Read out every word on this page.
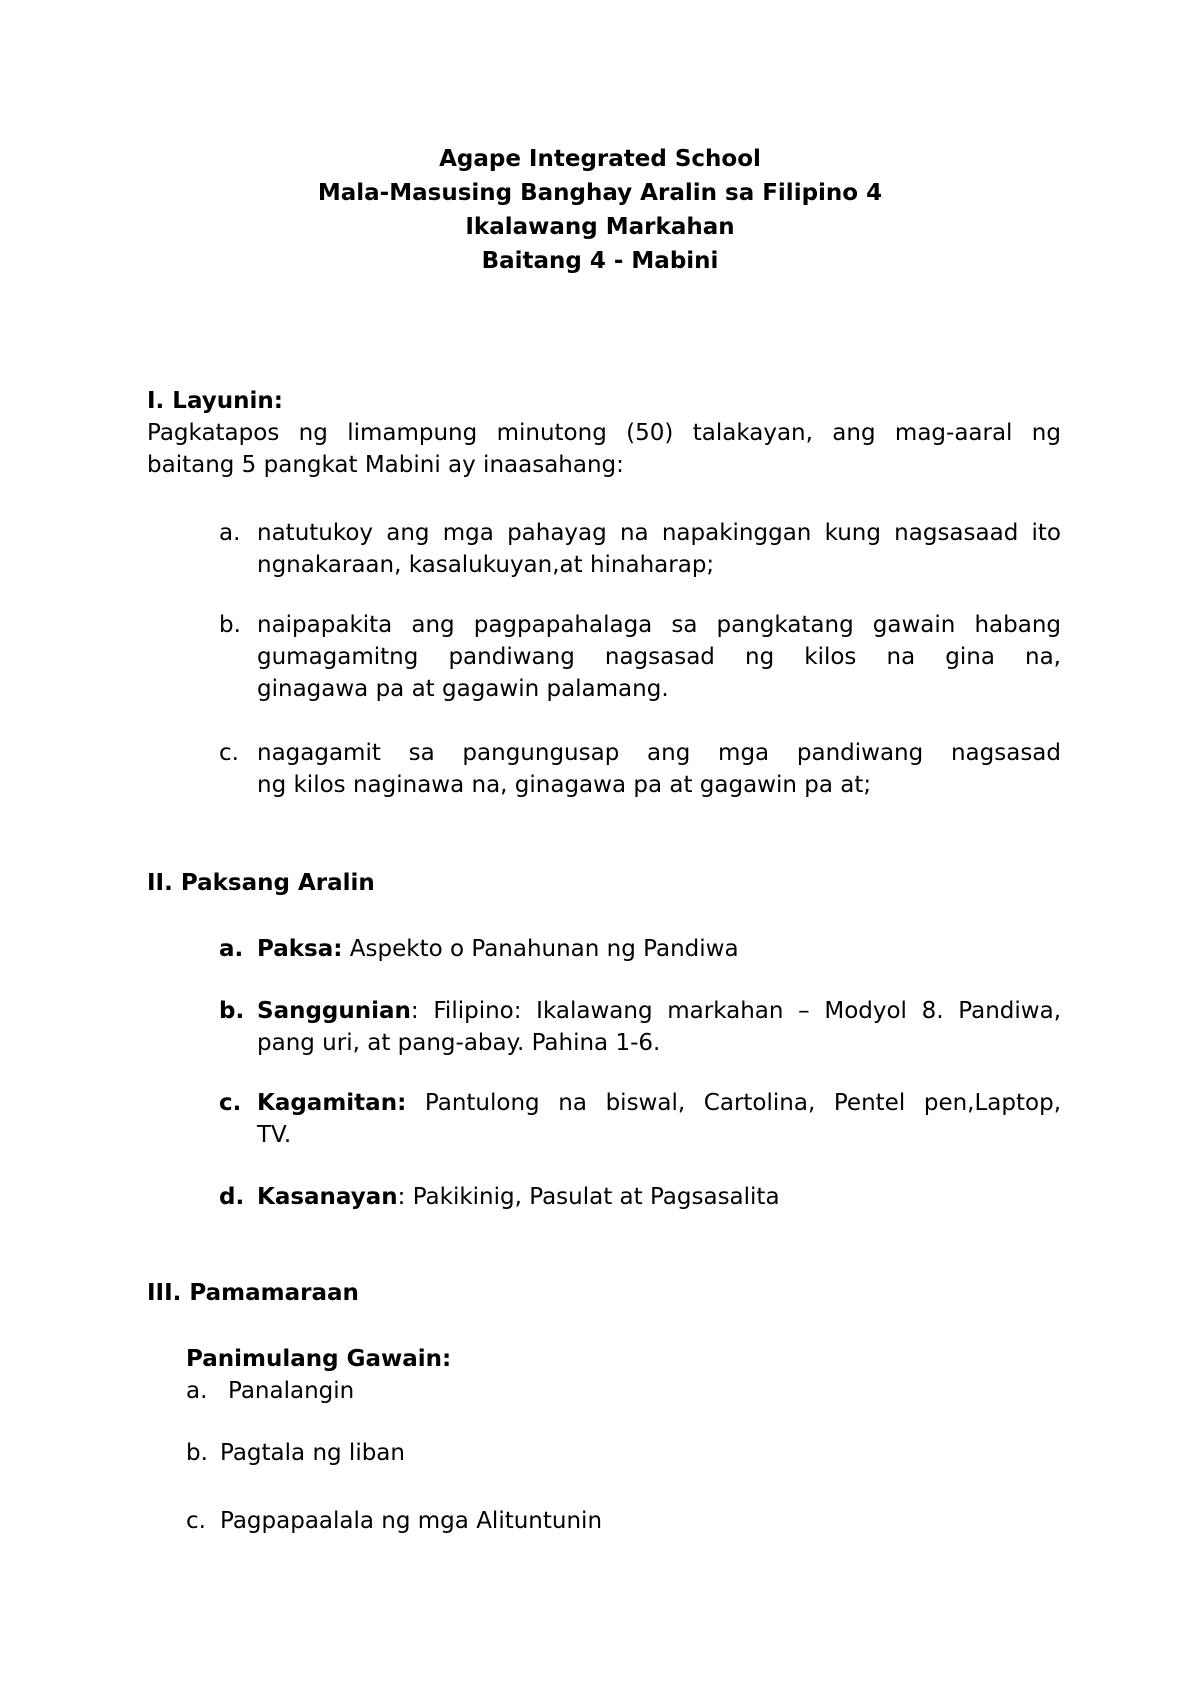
Agape Integrated School
Mala-Masusing Banghay Aralin sa Filipino 4
Ikalawang Markahan
Baitang 4 - Mabini
I. Layunin:
Pagkatapos ng limampung minutong (50) talakayan, ang mag-aaral ng
baitang 5 pangkat Mabini ay inaasahang:
a. natutukoy ang mga pahayag na napakinggan kung nagsasaad ito
ngnakaraan, kasalukuyan,at hinaharap;
b. naipapakita ang pagpapahalaga sa pangkatang gawain habang
gumagamitng pandiwang nagsasad ng kilos na gina na,
ginagawa pa at gagawin palamang.
c. nagagamit sa pangungusap ang mga pandiwang nagsasad
ng kilos naginawa na, ginagawa pa at gagawin pa at;
II. Paksang Aralin
a. Paksa: Aspekto o Panahunan ng Pandiwa
b. Sanggunian: Filipino: Ikalawang markahan – Modyol 8. Pandiwa,
pang uri, at pang-abay. Pahina 1-6.
c. Kagamitan: Pantulong na biswal, Cartolina, Pentel pen,Laptop,
TV.
d. Kasanayan: Pakikinig, Pasulat at Pagsasalita
III. Pamamaraan
Panimulang Gawain:
a. Panalangin
b. Pagtala ng liban
c. Pagpapaalala ng mga Alituntunin
